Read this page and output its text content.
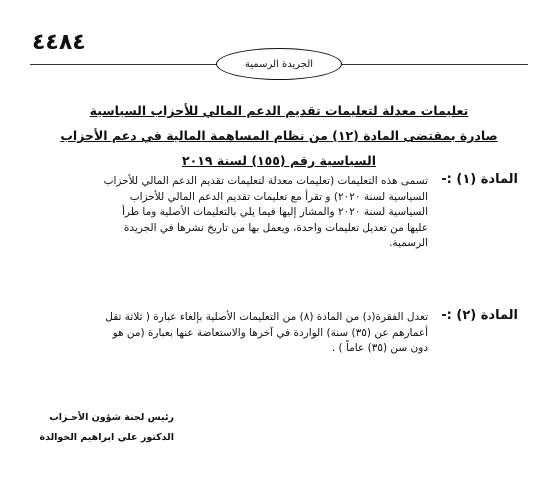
٤٤٨٤
الجريدة الرسمية
تعليمات معدلة لتعليمات تقديم الدعم المالي للأحزاب السياسية
صادرة بمقتضى المادة (١٢) من نظام المساهمة المالية في دعم الأحزاب
السياسية رقم (١٥٥) لسنة ٢٠١٩
المادة (١) :-
تسمى هذه التعليمات (تعليمات معدلة لتعليمات تقديم الدعم المالي للأحزاب
السياسية لسنة ٢٠٢٠) و تقرأ مع تعليمات تقديم الدعم المالي للأحزاب
السياسية لسنة ٢٠٢٠ والمشار إليها فيما يلي بالتعليمات الأصلية وما طرأ
عليها من تعديل تعليمات واحدة، ويعمل بها من تاريخ نشرها في الجريدة
الرسمية.
المادة (٢) :-
تعدل الفقرة(د) من المادة (٨) من التعليمات الأصلية بإلغاء عبارة ( ثلاثة تقل
أعمارهم عن (٣٥) سنة) الواردة في آخرها والاستعاضة عنها بعبارة (من هو
دون سن (٣٥) عاماً ) .
رئيس لجنة شؤون الأحـزاب
الدكتور علي ابراهيم الخوالدة
